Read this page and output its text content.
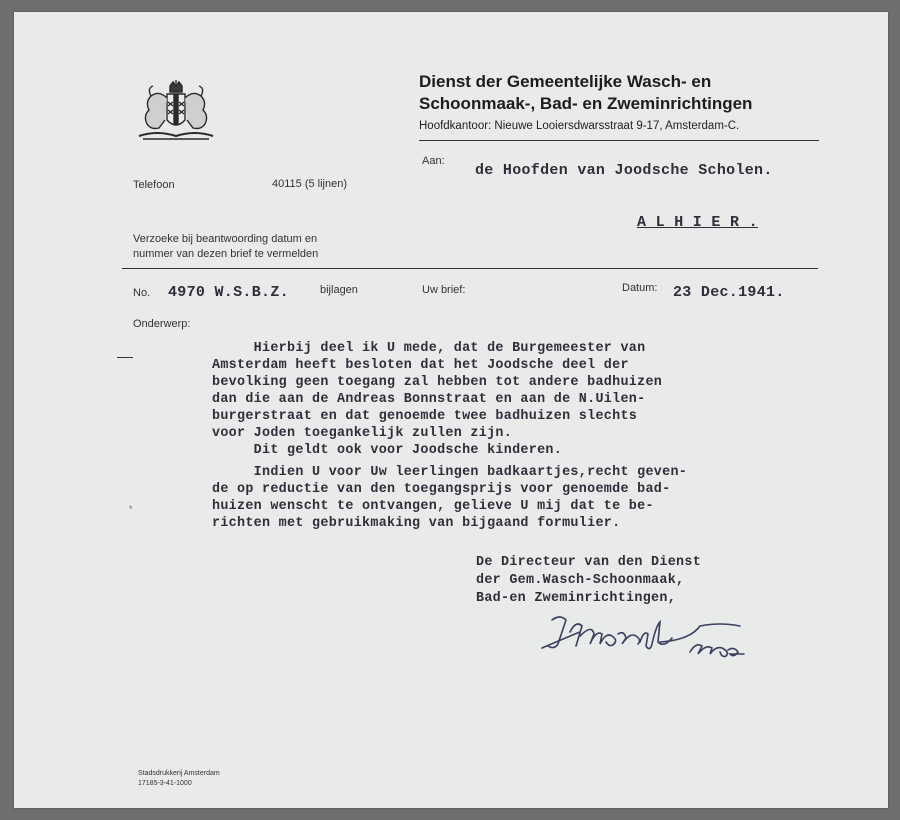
Dienst der Gemeentelijke Wasch- en
Schoonmaak-, Bad- en Zweminrichtingen
Hoofdkantoor: Nieuwe Looiersdwarsstraat 9-17, Amsterdam-C.
Telefoon	40115 (5 lijnen)
Verzoeke bij beantwoording datum en
nummer van dezen brief te vermelden
Aan:
de Hoofden van Joodsche Scholen.
A L H I E R .
No. 4970 W.S.B.Z.	bijlagen	Uw brief:	Datum: 23 Dec.1941.
Onderwerp:
*
Hierbij deel ik U mede, dat de Burgemeester van
Amsterdam heeft besloten dat het Joodsche deel der
bevolking geen toegang zal hebben tot andere badhuizen
dan die aan de Andreas Bonnstraat en aan de N.Uilen-
burgerstraat en dat genoemde twee badhuizen slechts
voor Joden toegankelijk zullen zijn.
Dit geldt ook voor Joodsche kinderen.
Indien U voor Uw leerlingen badkaartjes,recht geven-
de op reductie van den toegangsprijs voor genoemde bad-
huizen wenscht te ontvangen, gelieve U mij dat te be-
richten met gebruikmaking van bijgaand formulier.
De Directeur van den Dienst
der Gem.Wasch-Schoonmaak,
Bad-en Zweminrichtingen,
Stadsdrukkerij Amsterdam
17185-3-41-1000
